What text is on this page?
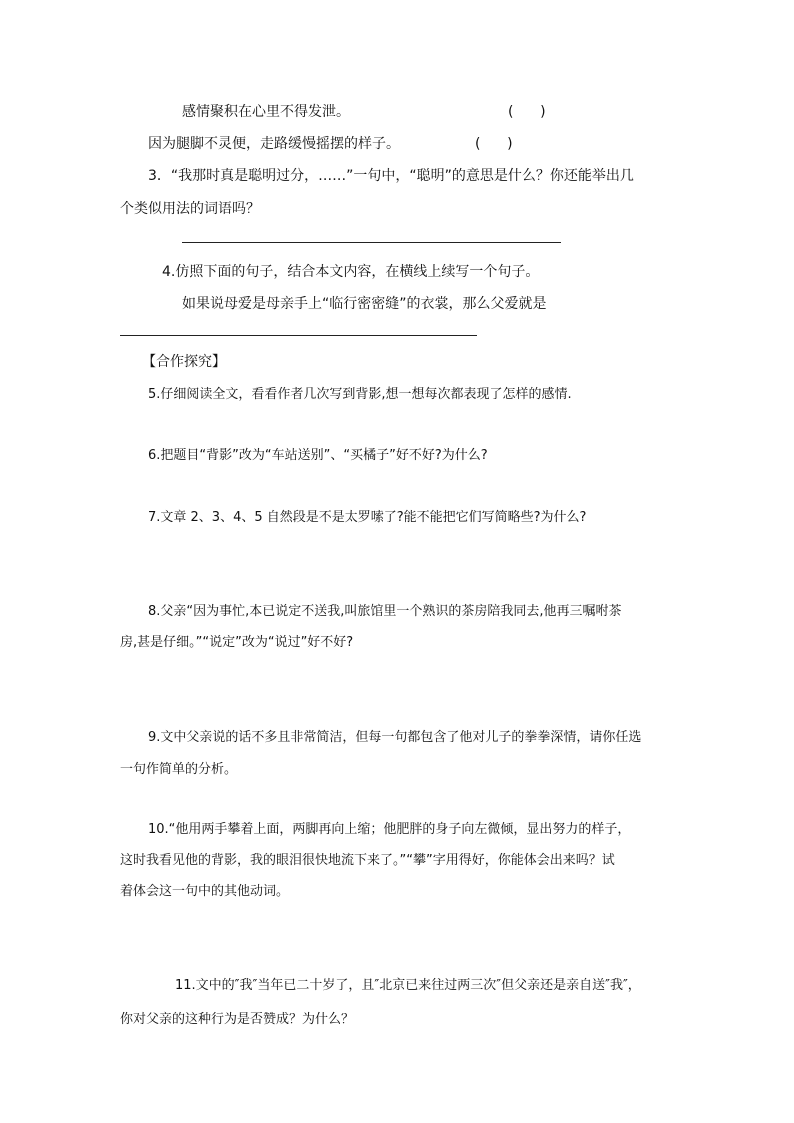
感情聚积在心里不得发泄。	(      )
因为腿脚不灵便，走路缓慢摇摆的样子。	(      )
3．“我那时真是聪明过分，……”一句中，“聪明”的意思是什么？你还能举出几
个类似用法的词语吗？
4.仿照下面的句子，结合本文内容，在横线上续写一个句子。
如果说母爱是母亲手上“临行密密缝”的衣裳，那么父爱就是
【合作探究】
5.仔细阅读全文，看看作者几次写到背影,想一想每次都表现了怎样的感情.
6.把题目“背影”改为“车站送别”、“买橘子”好不好?为什么?
7.文章 2、3、4、5 自然段是不是太罗嗦了?能不能把它们写简略些?为什么?
8.父亲“因为事忙,本已说定不送我,叫旅馆里一个熟识的茶房陪我同去,他再三嘱咐茶
房,甚是仔细。”“说定”改为“说过”好不好?
9.文中父亲说的话不多且非常简洁，但每一句都包含了他对儿子的拳拳深情，请你任选
一句作简单的分析。
10.“他用两手攀着上面，两脚再向上缩；他肥胖的身子向左微倾，显出努力的样子，
这时我看见他的背影，我的眼泪很快地流下来了。”“攀”字用得好，你能体会出来吗？试
着体会这一句中的其他动词。
11.文中的″我″当年已二十岁了，且″北京已来往过两三次″但父亲还是亲自送″我″，
你对父亲的这种行为是否赞成？为什么？
